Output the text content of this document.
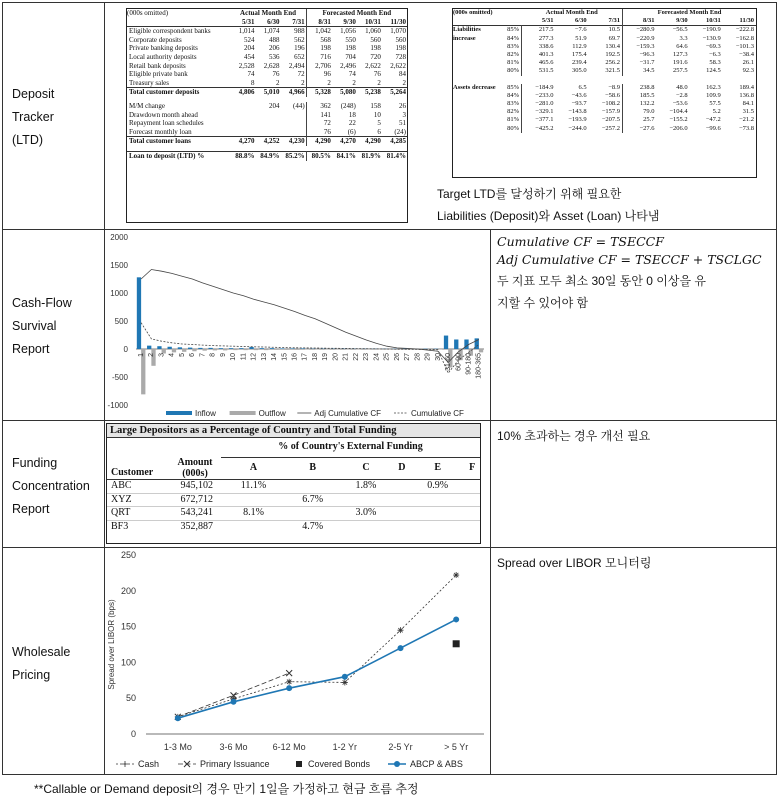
Deposit
Tracker
(LTD)
Cash-Flow
Survival
Report
Funding
Concentration
Report
Wholesale
Pricing
(000s omitted)	Actual Month End			Forecasted Month End			
	5/31	6/30	7/31	8/31	9/30	10/31	11/30
Eligible correspondent banks	1,014	1,074	988	1,042	1,056	1,060	1,070
Corporate deposits	524	488	562	568	550	560	560
Private banking deposits	204	206	196	198	198	198	198
Local authority deposits	454	536	652	716	704	720	728
Retail bank deposits	2,528	2,628	2,494	2,706	2,496	2,622	2,622
Eligible private bank	74	76	72	96	74	76	84
Treasury sales	8	2	2	2	2	2	2
Total customer deposits	4,806	5,010	4,966	5,328	5,080	5,238	5,264

M/M change		204	(44)	362	(248)	158	26
Drawdown month ahead				141	18	10	3
Repayment loan schedules				72	22	5	51
Forecast monthly loan				76	(6)	6	(24)
Total customer loans	4,270	4,252	4,230	4,290	4,270	4,290	4,285

Loan to deposit (LTD) %	88.8%	84.9%	85.2%	80.5%	84.1%	81.9%	81.4%
(000s omitted)		Actual Month End			Forecasted Month End			
		5/31	6/30	7/31	8/31	9/30	10/31	11/30
Liabilities increase	85%	217.5	−7.6	10.5	−280.9	−56.5	−190.9	−222.8
	84%	277.3	51.9	69.7	−220.9	3.3	−130.9	−162.8
	83%	338.6	112.9	130.4	−159.3	64.6	−69.3	−101.3
	82%	401.3	175.4	192.5	−96.3	127.3	−6.3	−38.4
	81%	465.6	239.4	256.2	−31.7	191.6	58.3	26.1
	80%	531.5	305.0	321.5	34.5	257.5	124.5	92.3

Assets decrease	85%	−184.9	6.5	−8.9	238.8	48.0	162.3	189.4
	84%	−233.0	−43.6	−58.6	185.5	−2.8	109.9	136.8
	83%	−281.0	−93.7	−108.2	132.2	−53.6	57.5	84.1
	82%	−329.1	−143.8	−157.9	79.0	−104.4	5.2	31.5
	81%	−377.1	−193.9	−207.5	25.7	−155.2	−47.2	−21.2
	80%	−425.2	−244.0	−257.2	−27.6	−206.0	−99.6	−73.8
Target LTD를 달성하기 위해 필요한
Liabilities (Deposit)와 Asset (Loan) 나타냄
2000
1500
1000
500
0
-500
-1000
1 2 3 4 5 6 7 8 9 10 11 12 13 14 15 16 17 18 19 20 21 22 23 24 25 26 27 28 29 30 31-60 60-90 90-180 180-365
Inflow	Outflow	Adj Cumulative CF	Cumulative CF
Cumulative CF = TSECCF
Adj Cumulative CF = TSECCF + TSCLGC
두 지표 모두 최소 30일 동안 0 이상을 유
지할 수 있어야 함
Large Depositors as a Percentage of Country and Total Funding
		% of Country's External Funding					
Customer	Amount (000s)	A	B	C	D	E	F
ABC	945,102	11.1%		1.8%		0.9%	
XYZ	672,712		6.7%				
QRT	543,241	8.1%		3.0%			
BF3	352,887		4.7%				
10% 초과하는 경우 개선 필요
0
50
100
150
200
250
Spread over LIBOR (bps)
1-3 Mo	3-6 Mo	6-12 Mo	1-2 Yr	2-5 Yr	> 5 Yr
Cash	Primary Issuance	Covered Bonds	ABCP & ABS
Spread over LIBOR 모니터링
**Callable or Demand deposit의 경우 만기 1일을 가정하고 현금 흐름 추정
